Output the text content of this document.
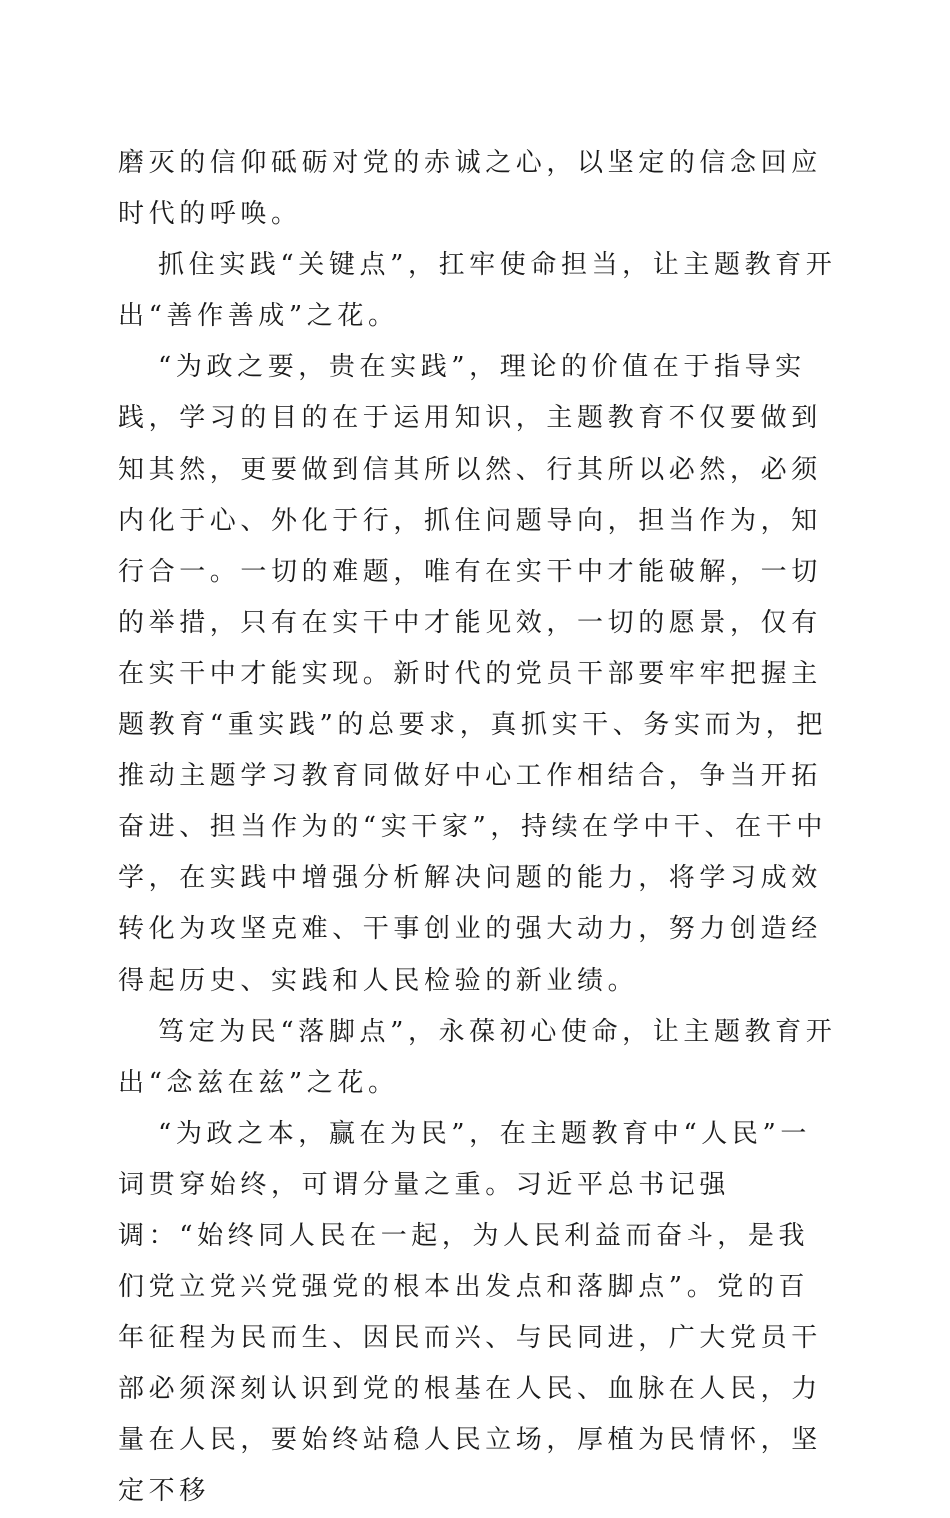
磨灭的信仰砥砺对党的赤诚之心，以坚定的信念回应时代的呼唤。

抓住实践“关键点”，扛牢使命担当，让主题教育开出“善作善成”之花。

“为政之要，贵在实践”，理论的价值在于指导实践，学习的目的在于运用知识，主题教育不仅要做到知其然，更要做到信其所以然、行其所以必然，必须内化于心、外化于行，抓住问题导向，担当作为，知行合一。一切的难题，唯有在实干中才能破解，一切的举措，只有在实干中才能见效，一切的愿景，仅有在实干中才能实现。新时代的党员干部要牢牢把握主题教育“重实践”的总要求，真抓实干、务实而为，把推动主题学习教育同做好中心工作相结合，争当开拓奋进、担当作为的“实干家”，持续在学中干、在干中学，在实践中增强分析解决问题的能力，将学习成效转化为攻坚克难、干事创业的强大动力，努力创造经得起历史、实践和人民检验的新业绩。

笃定为民“落脚点”，永葆初心使命，让主题教育开出“念兹在兹”之花。

“为政之本，赢在为民”，在主题教育中“人民”一词贯穿始终，可谓分量之重。习近平总书记强调：“始终同人民在一起，为人民利益而奋斗，是我们党立党兴党强党的根本出发点和落脚点”。党的百年征程为民而生、因民而兴、与民同进，广大党员干部必须深刻认识到党的根基在人民、血脉在人民，力量在人民，要始终站稳人民立场，厚植为民情怀，坚定不移
